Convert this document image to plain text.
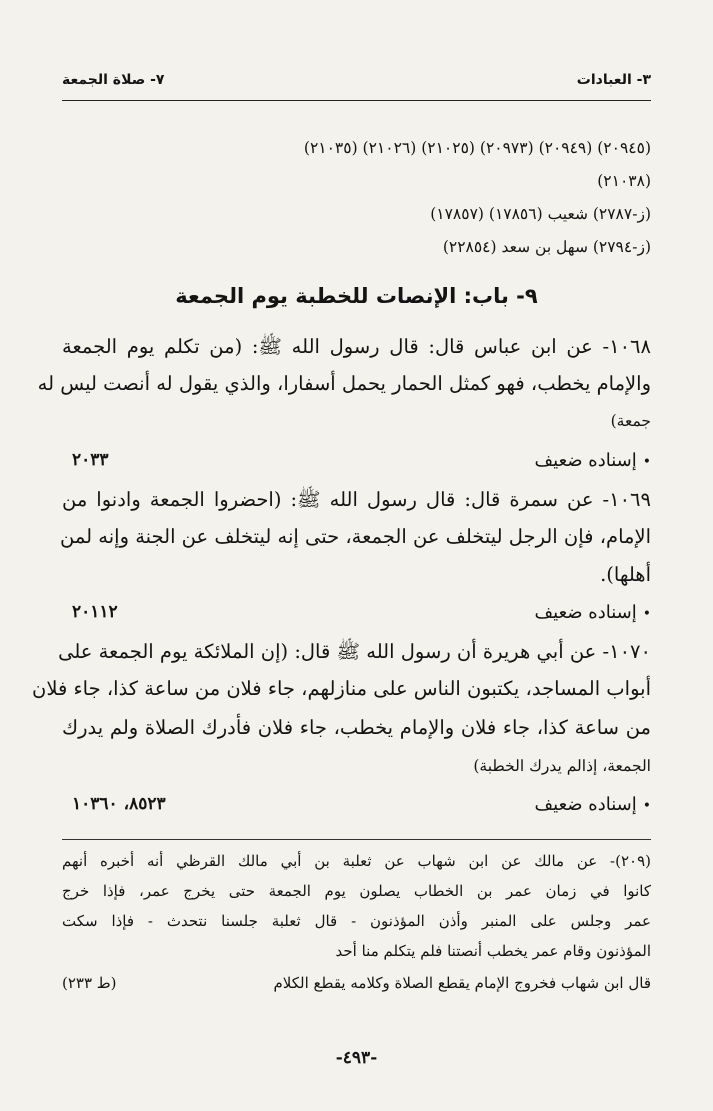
٣- العبادات
٧- صلاة الجمعة
(٢٠٩٤٥) (٢٠٩٤٩) (٢٠٩٧٣) (٢١٠٢٥) (٢١٠٢٦) (٢١٠٣٥)
(٢١٠٣٨)
(ز-٢٧٨٧) شعيب (١٧٨٥٦) (١٧٨٥٧)
(ز-٢٧٩٤) سهل بن سعد (٢٢٨٥٤)
٩- باب: الإنصات للخطبة يوم الجمعة
١٠٦٨- عن ابن عباس قال: قال رسول الله ﷺ: (من تكلم يوم الجمعة
والإمام يخطب، فهو كمثل الحمار يحمل أسفارا، والذي يقول له أنصت ليس له
جمعة)
•إسناده ضعيف
٢٠٣٣
١٠٦٩- عن سمرة قال: قال رسول الله ﷺ: (احضروا الجمعة وادنوا من
الإمام، فإن الرجل ليتخلف عن الجمعة، حتى إنه ليتخلف عن الجنة وإنه لمن
أهلها).
•إسناده ضعيف
٢٠١١٢
١٠٧٠- عن أبي هريرة أن رسول الله ﷺ قال: (إن الملائكة يوم الجمعة على
أبواب المساجد، يكتبون الناس على منازلهم، جاء فلان من ساعة كذا، جاء فلان
من ساعة كذا، جاء فلان والإمام يخطب، جاء فلان فأدرك الصلاة ولم يدرك
الجمعة، إذالم يدرك الخطبة)
•إسناده ضعيف
٨٥٢٣، ١٠٣٦٠
(٢٠٩)- عن مالك عن ابن شهاب عن ثعلبة بن أبي مالك القرظي أنه أخبره أنهم
كانوا في زمان عمر بن الخطاب يصلون يوم الجمعة حتى يخرج عمر، فإذا خرج
عمر وجلس على المنبر وأذن المؤذنون - قال ثعلبة جلسنا نتحدث - فإذا سكت
المؤذنون وقام عمر يخطب أنصتنا فلم يتكلم منا أحد
قال ابن شهاب فخروج الإمام يقطع الصلاة وكلامه يقطع الكلام
(ط ٢٣٣)
-٤٩٣-
